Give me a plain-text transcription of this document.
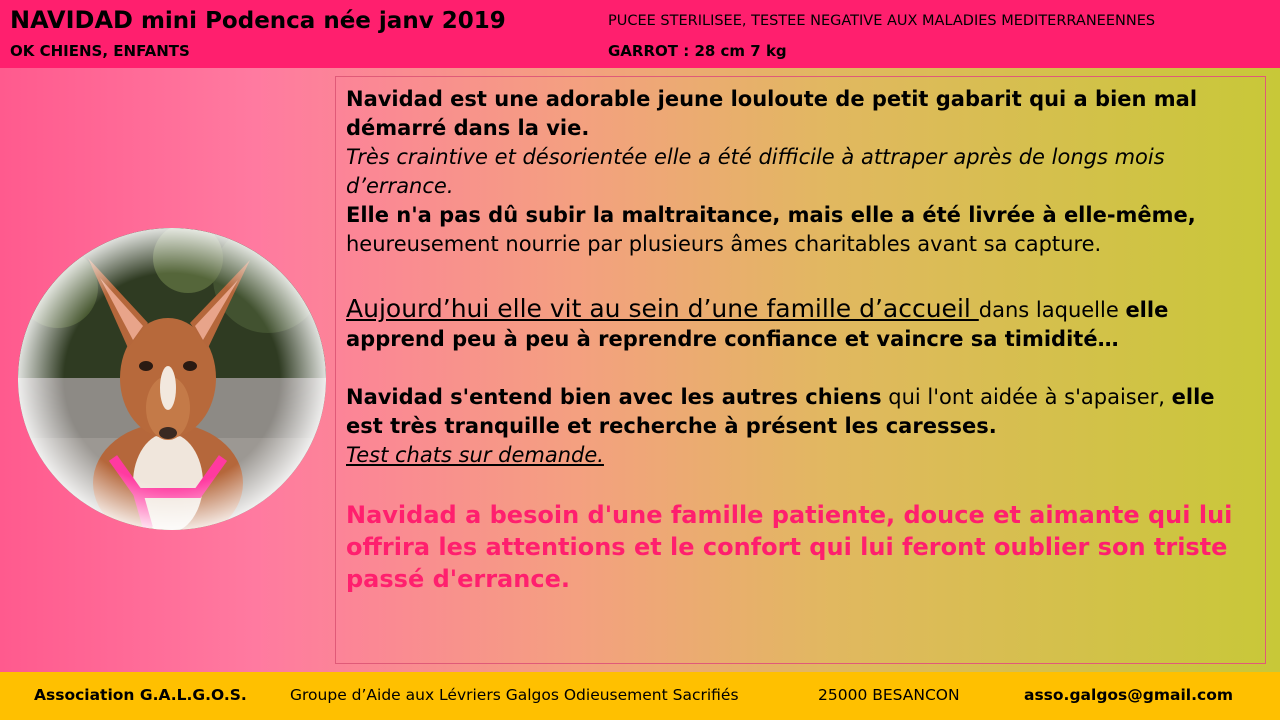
NAVIDAD mini Podenca née janv 2019
OK CHIENS, ENFANTS
PUCEE STERILISEE, TESTEE NEGATIVE AUX MALADIES MEDITERRANEENNES
GARROT : 28 cm 7 kg

Navidad est une adorable jeune louloute de petit gabarit qui a bien mal démarré dans la vie.

Très craintive et désorientée elle a été difficile à attraper après de longs mois d’errance.

Elle n'a pas dû subir la maltraitance, mais elle a été livrée à elle-même, heureusement nourrie par plusieurs âmes charitables avant sa capture.

Aujourd’hui elle vit au sein d’une famille d’accueil dans laquelle elle apprend peu à peu à reprendre confiance et vaincre sa timidité…

Navidad s'entend bien avec les autres chiens qui l'ont aidée à s'apaiser, elle est très tranquille et recherche à présent les caresses.

Test chats sur demande.

Navidad a besoin d'une famille patiente, douce et aimante qui lui offrira les attentions et le confort qui lui feront oublier son triste passé d'errance.

Association G.A.L.G.O.S.	Groupe d’Aide aux Lévriers Galgos Odieusement Sacrifiés	25000 BESANCON	asso.galgos@gmail.com
